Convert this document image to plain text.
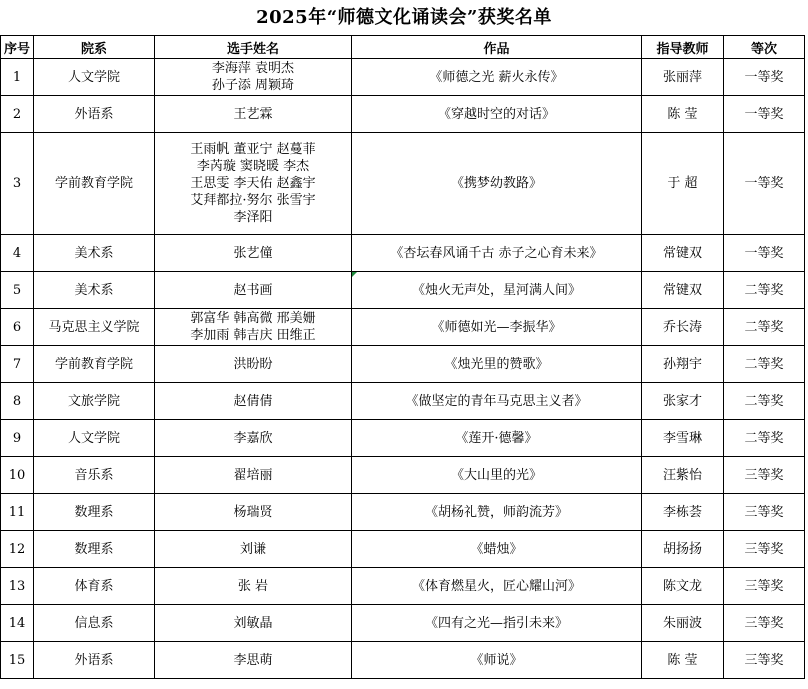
2025年“师德文化诵读会”获奖名单
序号	院系	选手姓名	作品	指导教师	等次
1	人文学院	李海萍 袁明杰
孙子添 周颖琦	《师德之光 薪火永传》	张丽萍	一等奖
2	外语系	王艺霖	《穿越时空的对话》	陈 莹	一等奖
3	学前教育学院	王雨帆 董亚宁 赵蔓菲
李芮璇 窦晓暖 李杰
王思雯 李天佑 赵鑫宇
艾拜都拉·努尔 张雪宇
李泽阳	《携梦幼教路》	于 超	一等奖
4	美术系	张艺僮	《杏坛春风诵千古 赤子之心育未来》	常键双	一等奖
5	美术系	赵书画	《烛火无声处，星河满人间》	常键双	二等奖
6	马克思主义学院	郭富华 韩高微 邢美姗
李加雨 韩吉庆 田维正	《师德如光—李振华》	乔长涛	二等奖
7	学前教育学院	洪盼盼	《烛光里的赞歌》	孙翔宇	二等奖
8	文旅学院	赵倩倩	《做坚定的青年马克思主义者》	张家才	二等奖
9	人文学院	李嘉欣	《莲开·德馨》	李雪琳	二等奖
10	音乐系	翟培丽	《大山里的光》	汪紫怡	三等奖
11	数理系	杨瑞贤	《胡杨礼赞，师韵流芳》	李栋荟	三等奖
12	数理系	刘谦	《蜡烛》	胡扬扬	三等奖
13	体育系	张 岩	《体育燃星火，匠心耀山河》	陈文龙	三等奖
14	信息系	刘敏晶	《四有之光—指引未来》	朱丽波	三等奖
15	外语系	李思萌	《师说》	陈 莹	三等奖
